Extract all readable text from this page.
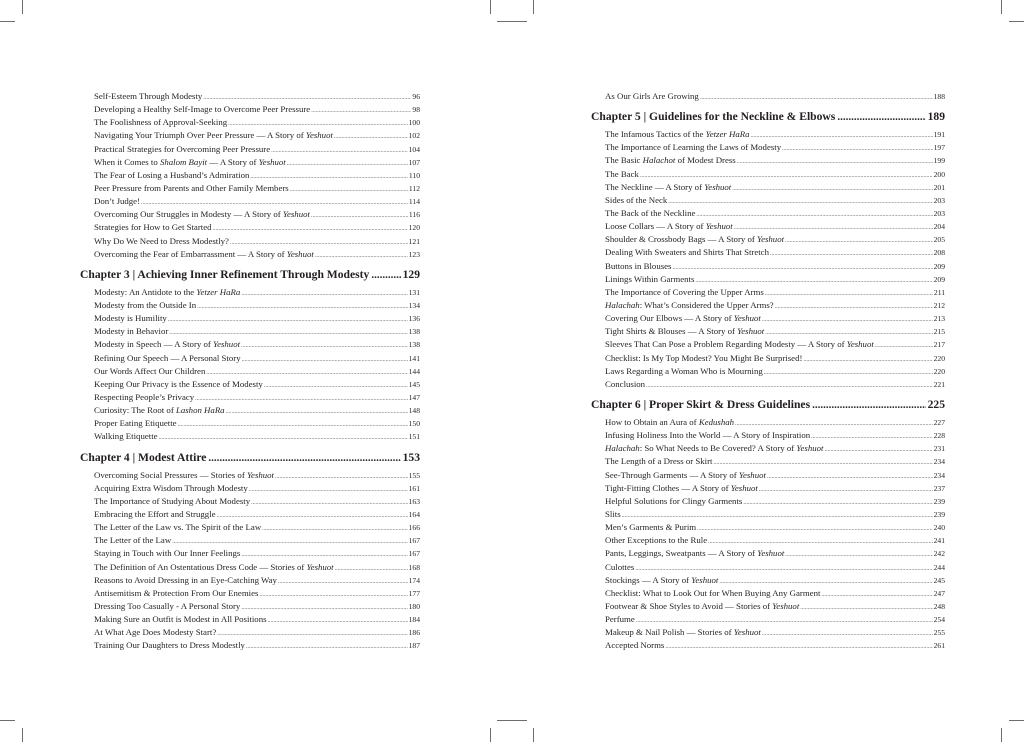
Self-Esteem Through Modesty .....	96
Developing a Healthy Self-Image to Overcome Peer Pressure .....	98
The Foolishness of Approval-Seeking .....	100
Navigating Your Triumph Over Peer Pressure — A Story of Yeshuot .....	102
Practical Strategies for Overcoming Peer Pressure .....	104
When it Comes to Shalom Bayit — A Story of Yeshuot .....	107
The Fear of Losing a Husband’s Admiration .....	110
Peer Pressure from Parents and Other Family Members .....	112
Don’t Judge! .....	114
Overcoming Our Struggles in Modesty — A Story of Yeshuot .....	116
Strategies for How to Get Started .....	120
Why Do We Need to Dress Modestly? .....	121
Overcoming the Fear of Embarrassment — A Story of Yeshuot .....	123
Chapter 3 | Achieving Inner Refinement Through Modesty .....	129
Modesty: An Antidote to the Yetzer HaRa .....	131
Modesty from the Outside In .....	134
Modesty is Humility .....	136
Modesty in Behavior .....	138
Modesty in Speech — A Story of Yeshuot .....	138
Refining Our Speech — A Personal Story .....	141
Our Words Affect Our Children .....	144
Keeping Our Privacy is the Essence of Modesty .....	145
Respecting People’s Privacy .....	147
Curiosity: The Root of Lashon HaRa .....	148
Proper Eating Etiquette .....	150
Walking Etiquette .....	151
Chapter 4 | Modest Attire .....	153
Overcoming Social Pressures — Stories of Yeshuot .....	155
Acquiring Extra Wisdom Through Modesty .....	161
The Importance of Studying About Modesty .....	163
Embracing the Effort and Struggle .....	164
The Letter of the Law vs. The Spirit of the Law .....	166
The Letter of the Law .....	167
Staying in Touch with Our Inner Feelings .....	167
The Definition of An Ostentatious Dress Code — Stories of Yeshuot .....	168
Reasons to Avoid Dressing in an Eye-Catching Way .....	174
Antisemitism & Protection From Our Enemies .....	177
Dressing Too Casually - A Personal Story .....	180
Making Sure an Outfit is Modest in All Positions .....	184
At What Age Does Modesty Start? .....	186
Training Our Daughters to Dress Modestly .....	187
As Our Girls Are Growing .....	188
Chapter 5 | Guidelines for the Neckline & Elbows .....	189
The Infamous Tactics of the Yetzer HaRa .....	191
The Importance of Learning the Laws of Modesty .....	197
The Basic Halachot of Modest Dress .....	199
The Back .....	200
The Neckline — A Story of Yeshuot .....	201
Sides of the Neck .....	203
The Back of the Neckline .....	203
Loose Collars — A Story of Yeshuot .....	204
Shoulder & Crossbody Bags — A Story of Yeshuot .....	205
Dealing With Sweaters and Shirts That Stretch .....	208
Buttons in Blouses .....	209
Linings Within Garments .....	209
The Importance of Covering the Upper Arms .....	211
Halachah: What’s Considered the Upper Arms? .....	212
Covering Our Elbows — A Story of Yeshuot .....	213
Tight Shirts & Blouses — A Story of Yeshuot .....	215
Sleeves That Can Pose a Problem Regarding Modesty — A Story of Yeshuot .....	217
Checklist: Is My Top Modest? You Might Be Surprised! .....	220
Laws Regarding a Woman Who is Mourning .....	220
Conclusion .....	221
Chapter 6 | Proper Skirt & Dress Guidelines .....	225
How to Obtain an Aura of Kedushah .....	227
Infusing Holiness Into the World — A Story of Inspiration .....	228
Halachah: So What Needs to Be Covered? A Story of Yeshuot .....	231
The Length of a Dress or Skirt .....	234
See-Through Garments — A Story of Yeshuot .....	234
Tight-Fitting Clothes — A Story of Yeshuot .....	237
Helpful Solutions for Clingy Garments .....	239
Slits .....	239
Men’s Garments & Purim .....	240
Other Exceptions to the Rule .....	241
Pants, Leggings, Sweatpants — A Story of Yeshuot .....	242
Culottes .....	244
Stockings — A Story of Yeshuot .....	245
Checklist: What to Look Out for When Buying Any Garment .....	247
Footwear & Shoe Styles to Avoid — Stories of Yeshuot .....	248
Perfume .....	254
Makeup & Nail Polish — Stories of Yeshuot .....	255
Accepted Norms .....	261
